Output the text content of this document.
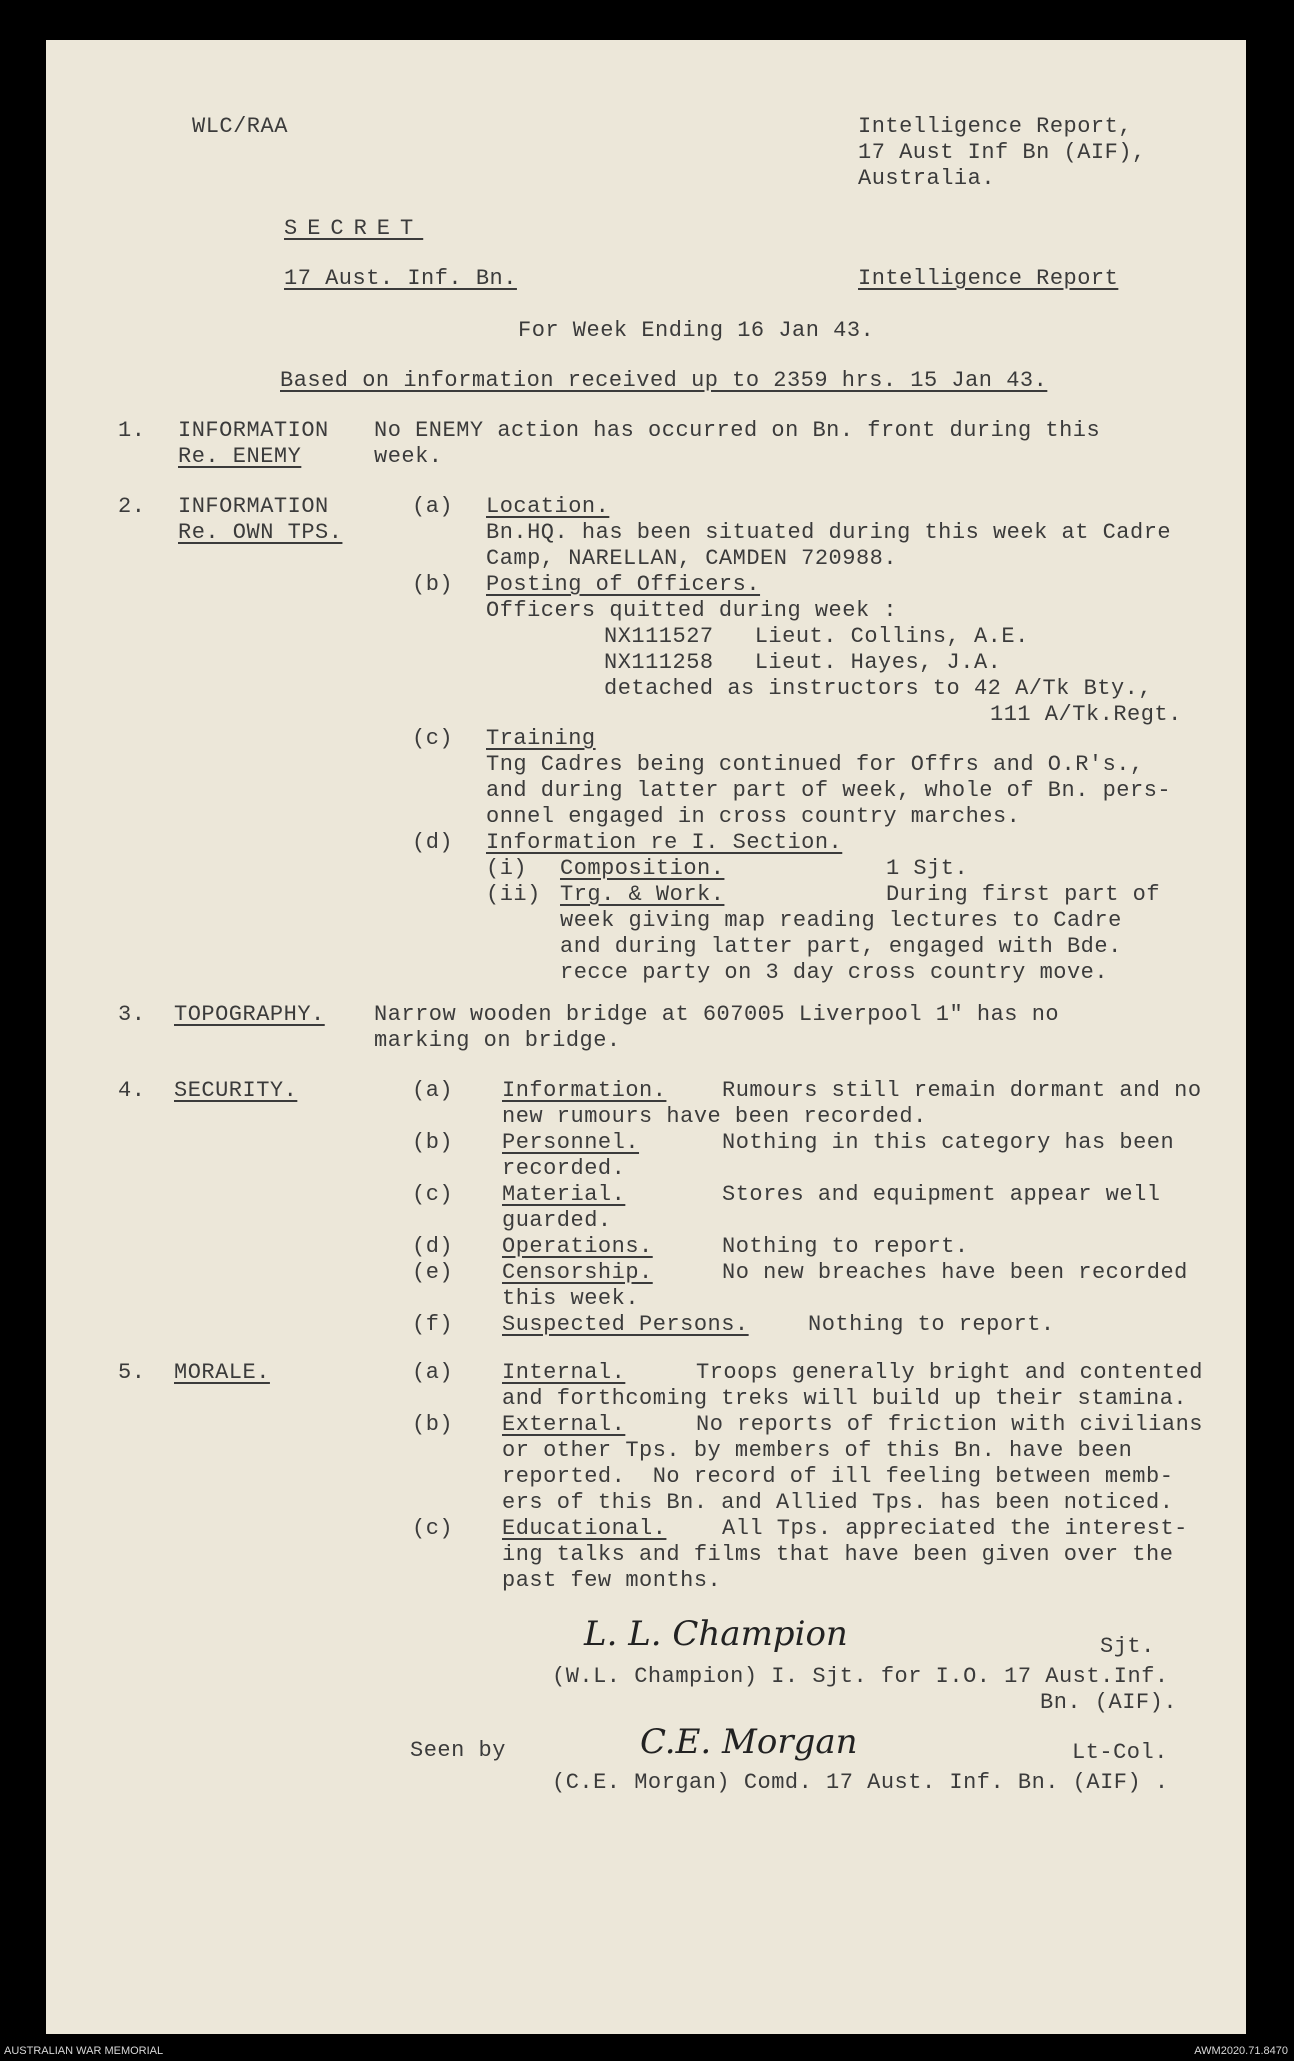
WLC/RAA	Intelligence Report,
17 Aust Inf Bn (AIF),
Australia.
SECRET
17 Aust. Inf. Bn.	Intelligence Report
For Week Ending 16 Jan 43.
Based on information received up to 2359 hrs. 15 Jan 43.
1. INFORMATION
Re. ENEMY
No ENEMY action has occurred on Bn. front during this
week.
2. INFORMATION
Re. OWN TPS.
(a) Location.
Bn.HQ. has been situated during this week at Cadre
Camp, NARELLAN, CAMDEN 720988.
(b) Posting of Officers.
Officers quitted during week :
NX111527   Lieut. Collins, A.E.
NX111258   Lieut. Hayes, J.A.
detached as instructors to 42 A/Tk Bty.,
111 A/Tk.Regt.
(c) Training
Tng Cadres being continued for Offrs and O.R's.,
and during latter part of week, whole of Bn. pers-
onnel engaged in cross country marches.
(d) Information re I. Section.
(i) Composition.	1 Sjt.
(ii) Trg. & Work.	During first part of
week giving map reading lectures to Cadre
and during latter part, engaged with Bde.
recce party on 3 day cross country move.
3. TOPOGRAPHY. Narrow wooden bridge at 607005 Liverpool 1" has no
marking on bridge.
4. SECURITY.	(a) Information.	Rumours still remain dormant and no
new rumours have been recorded.
(b) Personnel.	Nothing in this category has been
recorded.
(c) Material.	Stores and equipment appear well
guarded.
(d) Operations.	Nothing to report.
(e) Censorship.	No new breaches have been recorded
this week.
(f) Suspected Persons.	Nothing to report.
5. MORALE.	(a) Internal.	Troops generally bright and contented
and forthcoming treks will build up their stamina.
(b) External.	No reports of friction with civilians
or other Tps. by members of this Bn. have been
reported.  No record of ill feeling between memb-
ers of this Bn. and Allied Tps. has been noticed.
(c) Educational.	All Tps. appreciated the interest-
ing talks and films that have been given over the
past few months.
L. L. Champion	Sjt.
(W.L. Champion) I. Sjt. for I.O. 17 Aust.Inf.
Bn. (AIF).
Seen by	C.E. Morgan	Lt-Col.
(C.E. Morgan) Comd. 17 Aust. Inf. Bn. (AIF) .
AUSTRALIAN WAR MEMORIAL	AWM2020.71.8470
